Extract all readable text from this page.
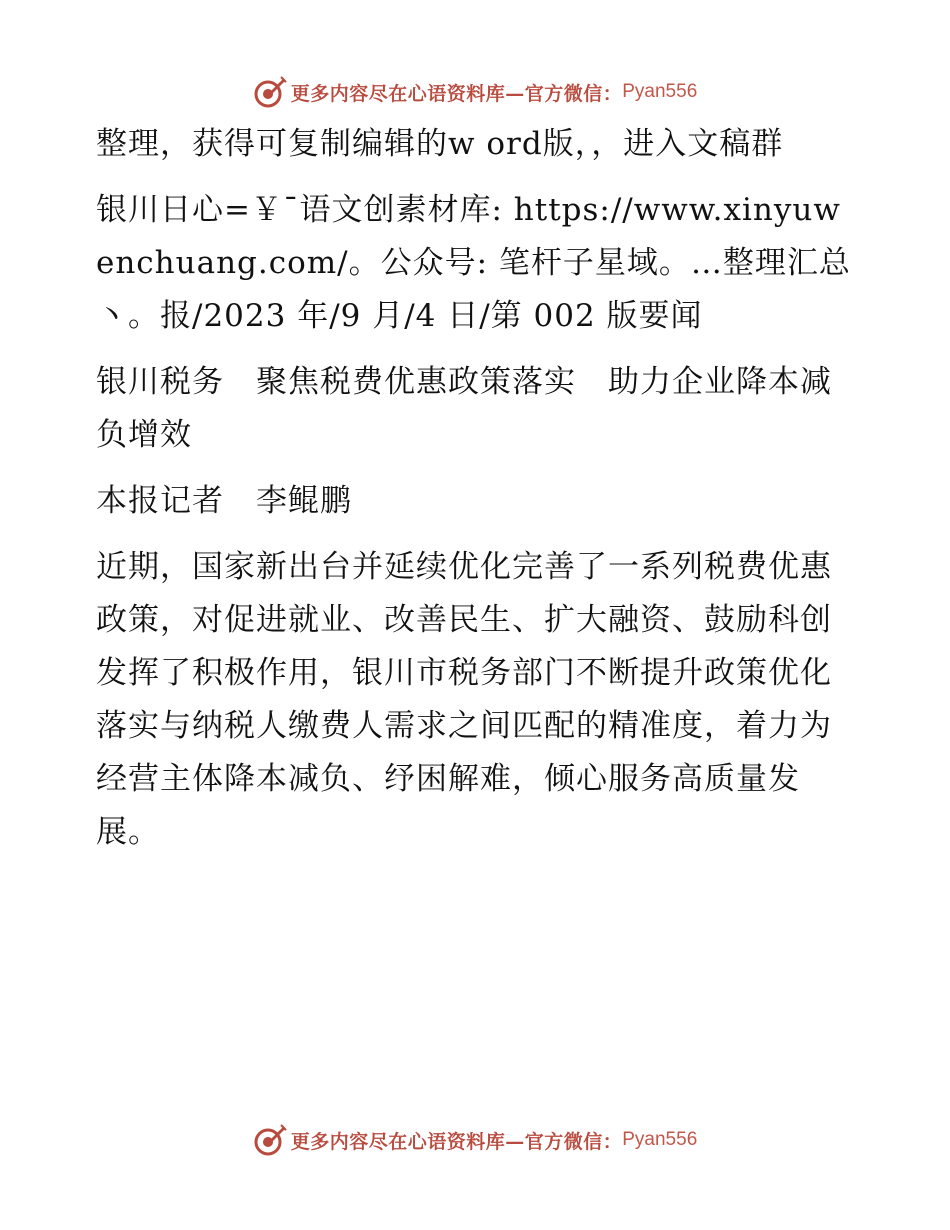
更多内容尽在心语资料库—官方微信： Pyan556

整理，获得可复制编辑的w ord版，，进入文稿群

银川日心=￥¯语文创素材库: https://www.xinyuwenchuang.com/。公众号: 笔杆子星域。…整理汇总丶。报/2023 年/9 月/4 日/第 002 版要闻

银川税务　聚焦税费优惠政策落实　助力企业降本减负增效

本报记者　李鲲鹏

近期，国家新出台并延续优化完善了一系列税费优惠政策，对促进就业、改善民生、扩大融资、鼓励科创发挥了积极作用，银川市税务部门不断提升政策优化落实与纳税人缴费人需求之间匹配的精准度，着力为经营主体降本减负、纾困解难，倾心服务高质量发展。

更多内容尽在心语资料库—官方微信： Pyan556
